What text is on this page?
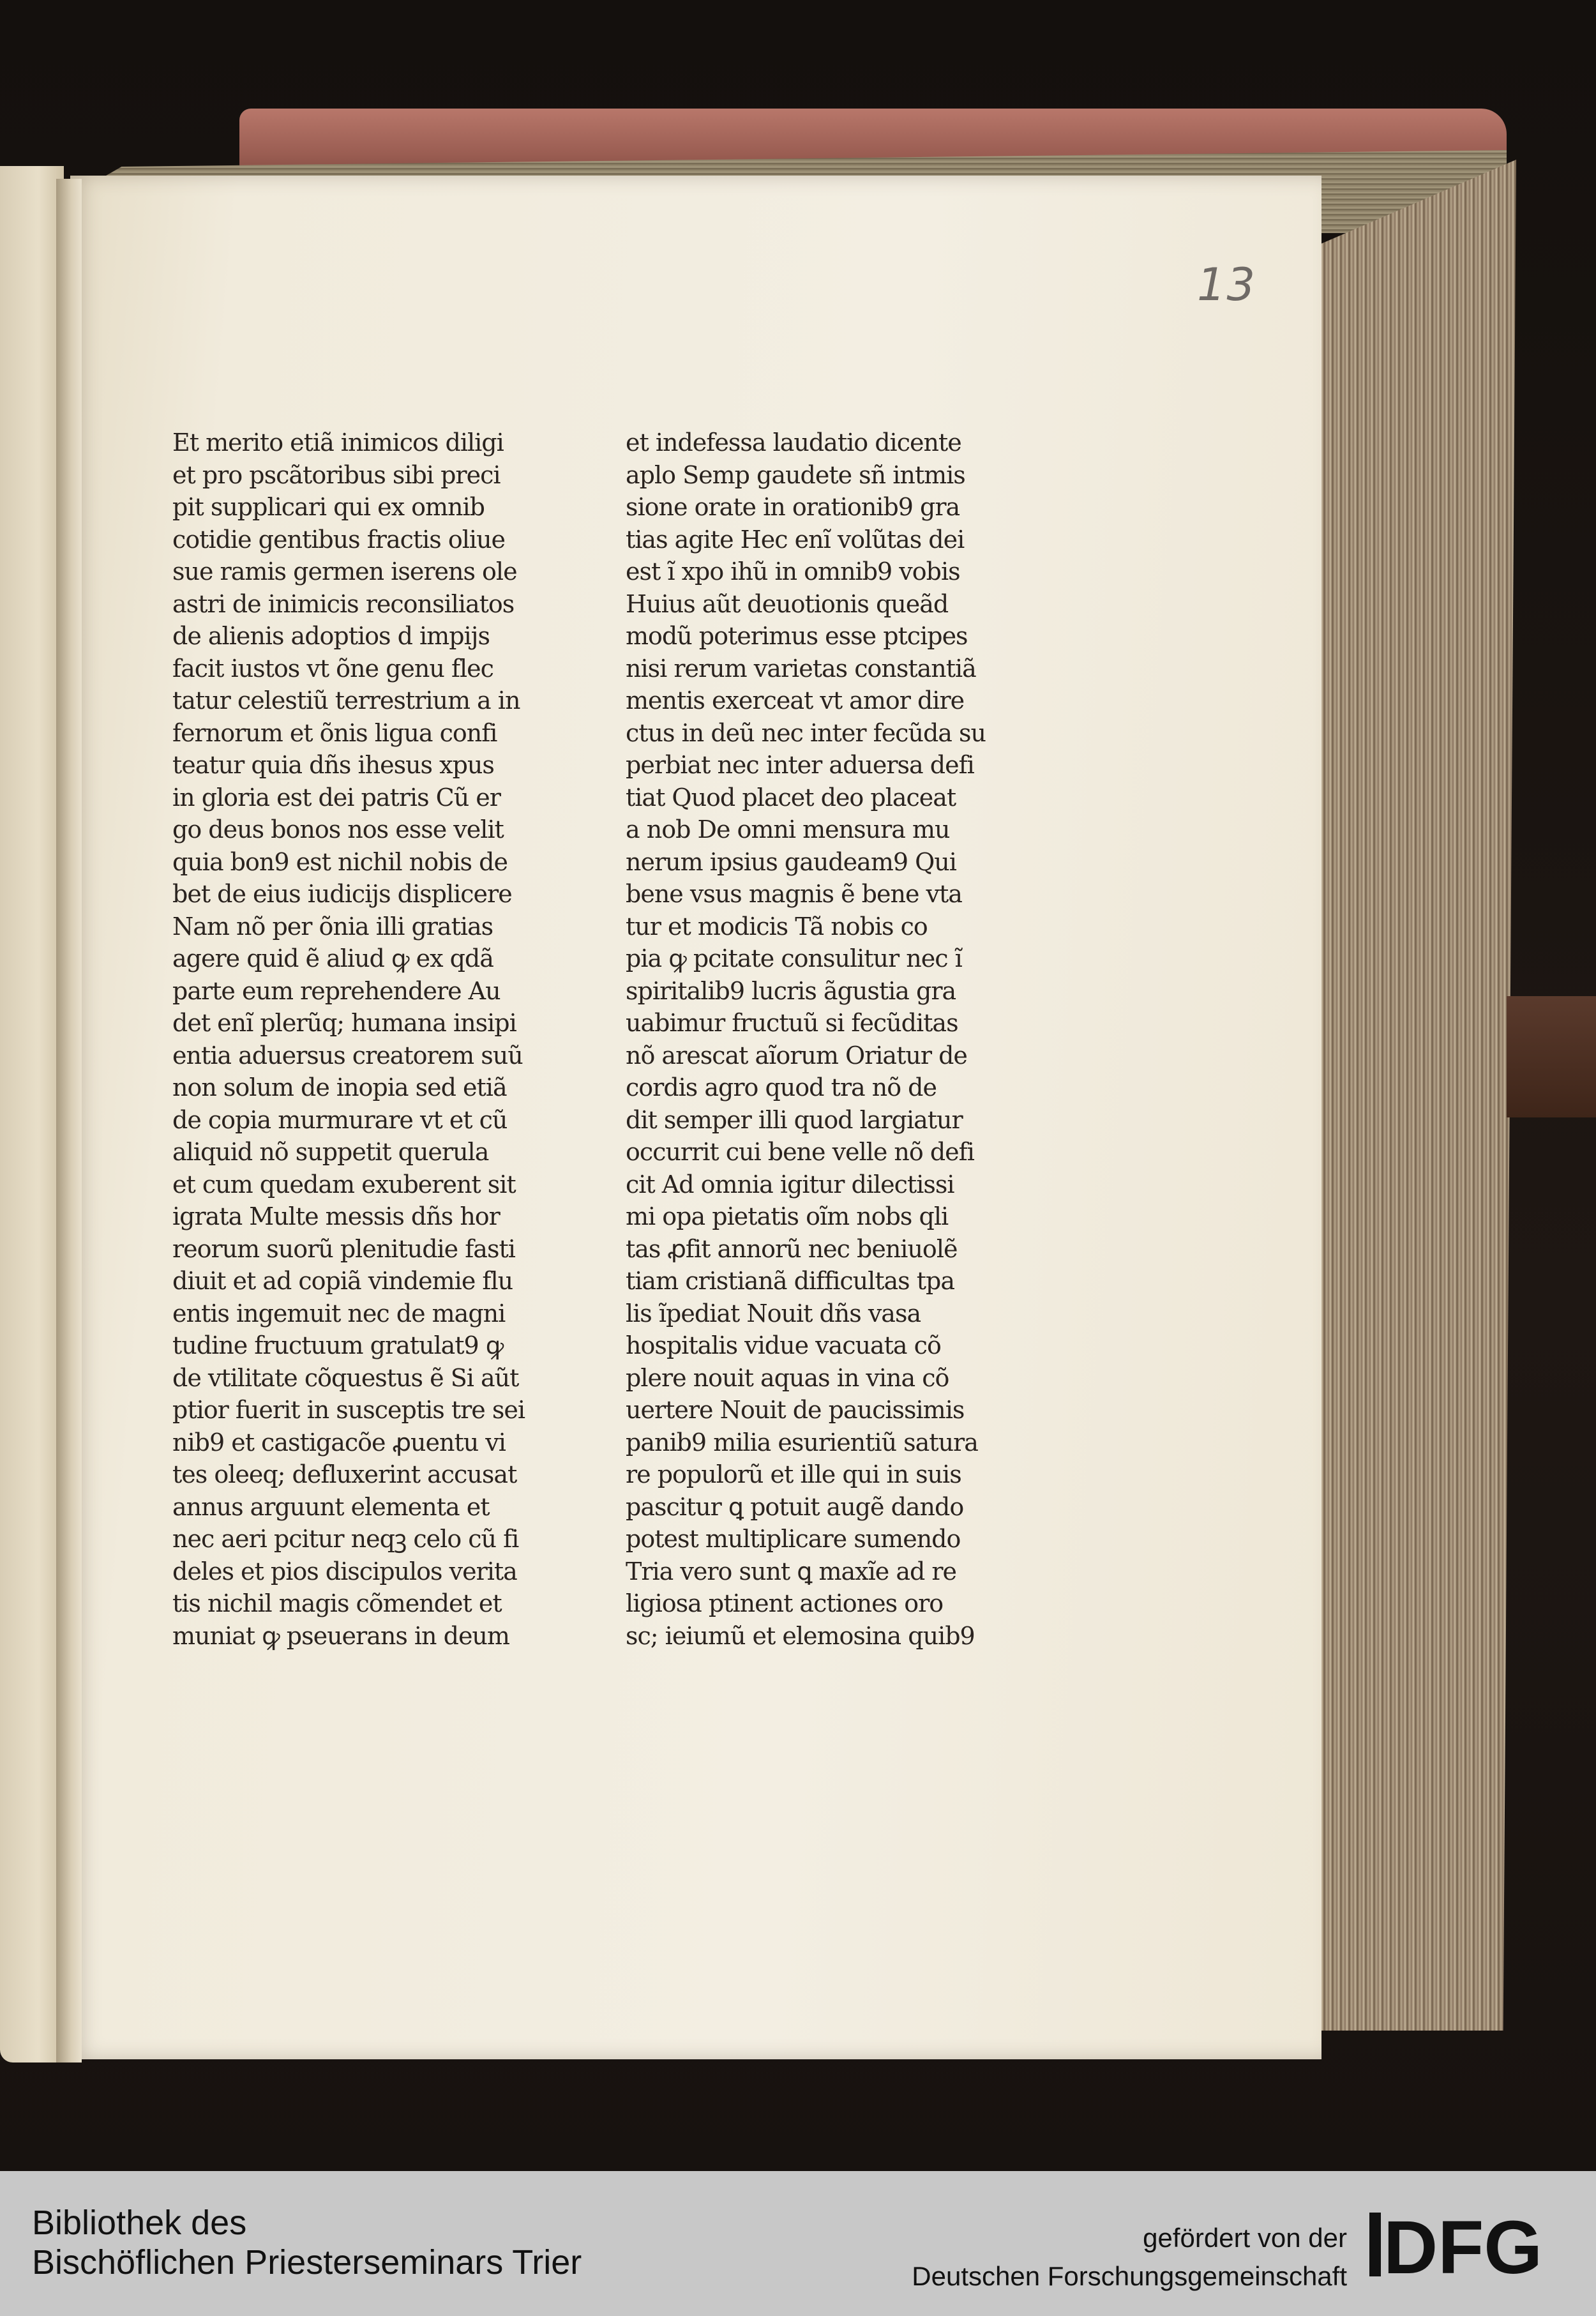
13
Et merito etiã inimicos diligi
et pro pscãtoribus sibi preci
pit supplicari qui ex omnib
cotidie gentibus fractis oliue
sue ramis germen iserens ole
astri de inimicis reconsiliatos
de alienis adoptios d impijs
facit iustos vt õne genu flec
tatur celestiũ terrestrium a in
fernorum et õnis ligua confi
teatur quia dñs ihesus xpus
in gloria est dei patris Cũ er
go deus bonos nos esse velit
quia bon9 est nichil nobis de
bet de eius iudicijs displicere
Nam nõ per õnia illi gratias
agere quid ẽ aliud ꝙ ex qdã
parte eum reprehendere Au
det enĩ plerũq; humana insipi
entia aduersus creatorem suũ
non solum de inopia sed etiã
de copia murmurare vt et cũ
aliquid nõ suppetit querula
et cum quedam exuberent sit
igrata Multe messis dñs hor
reorum suorũ plenitudie fasti
diuit et ad copiã vindemie flu
entis ingemuit nec de magni
tudine fructuum gratulat9 ꝙ
de vtilitate cõquestus ẽ Si aũt
ptior fuerit in susceptis tre sei
nib9 et castigacõe ꝓuentu vi
tes oleeq; defluxerint accusat
annus arguunt elementa et
nec aeri pcitur neqꝫ celo cũ fi
deles et pios discipulos verita
tis nichil magis cõmendet et
muniat ꝙ pseuerans in deum
et indefessa laudatio dicente
aplo Semp gaudete sñ intmis
sione orate in orationib9 gra
tias agite Hec enĩ volũtas dei
est ĩ xpo ihũ in omnib9 vobis
Huius aũt deuotionis queãd
modũ poterimus esse ptcipes
nisi rerum varietas constantiã
mentis exerceat vt amor dire
ctus in deũ nec inter fecũda su
perbiat nec inter aduersa defi
tiat Quod placet deo placeat
a nob De omni mensura mu
nerum ipsius gaudeam9 Qui
bene vsus magnis ẽ bene vta
tur et modicis Tã nobis co
pia ꝙ pcitate consulitur nec ĩ
spiritalib9 lucris ãgustia gra
uabimur fructuũ si fecũditas
nõ arescat aĩorum Oriatur de
cordis agro quod tra nõ de
dit semper illi quod largiatur
occurrit cui bene velle nõ defi
cit Ad omnia igitur dilectissi
mi opa pietatis oĩm nobs qli
tas ꝓfit annorũ nec beniuolẽ
tiam cristianã difficultas tpa
lis ĩpediat Nouit dñs vasa
hospitalis vidue vacuata cõ
plere nouit aquas in vina cõ
uertere Nouit de paucissimis
panib9 milia esurientiũ satura
re populorũ et ille qui in suis
pascitur ꝗ potuit augẽ dando
potest multiplicare sumendo
Tria vero sunt ꝗ maxĩe ad re
ligiosa ptinent actiones oro
sc; ieiumũ et elemosina quib9
Bibliothek des
Bischöflichen Priesterseminars Trier
gefördert von der
Deutschen Forschungsgemeinschaft DFG
